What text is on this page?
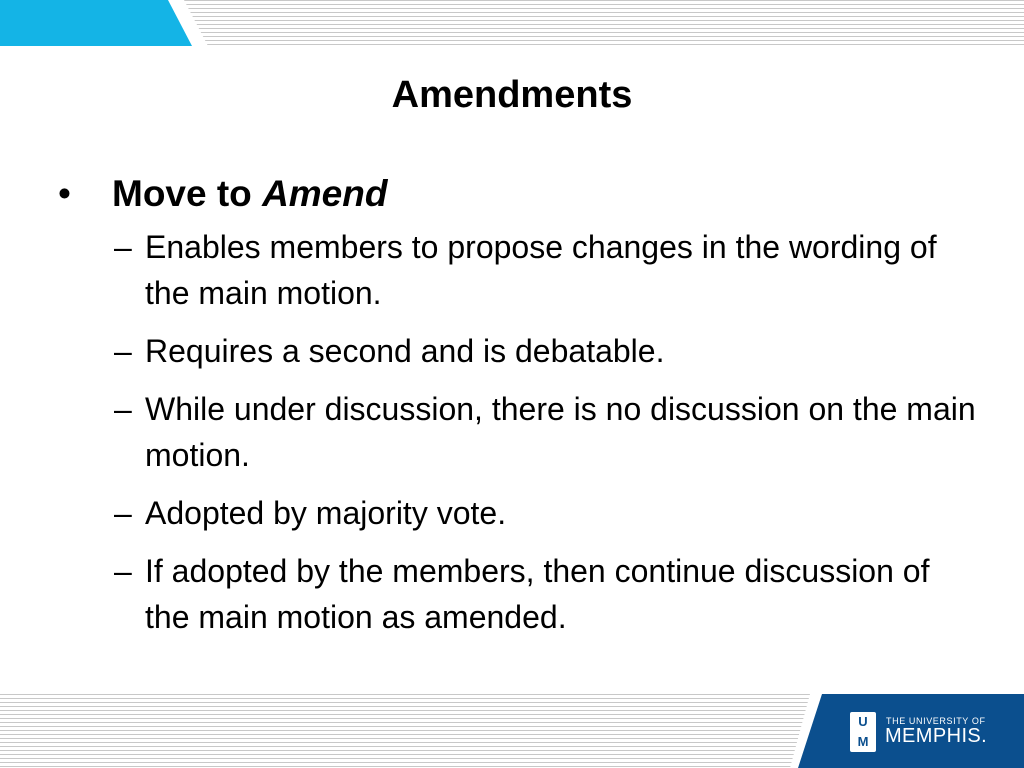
Amendments
• Move to Amend
– Enables members to propose changes in the wording of the main motion.
– Requires a second and is debatable.
– While under discussion, there is no discussion on the main motion.
– Adopted by majority vote.
– If adopted by the members, then continue discussion of the main motion as amended.
U
M
THE UNIVERSITY OF
MEMPHIS.
